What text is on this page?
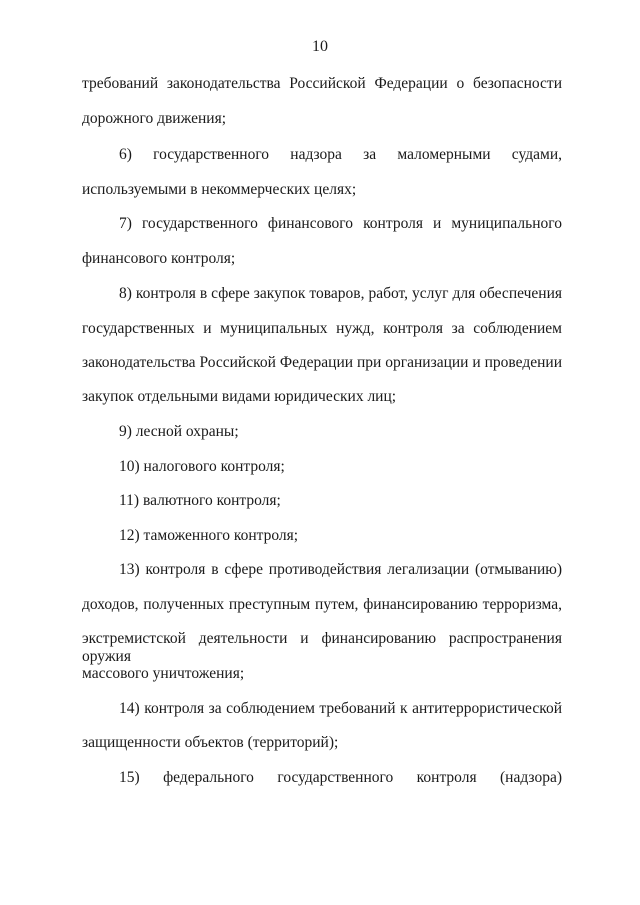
10
требований законодательства Российской Федерации о безопасности
дорожного движения;
6) государственного надзора за маломерными судами,
используемыми в некоммерческих целях;
7) государственного финансового контроля и муниципального
финансового контроля;
8) контроля в сфере закупок товаров, работ, услуг для обеспечения
государственных и муниципальных нужд, контроля за соблюдением
законодательства Российской Федерации при организации и проведении
закупок отдельными видами юридических лиц;
9) лесной охраны;
10) налогового контроля;
11) валютного контроля;
12) таможенного контроля;
13) контроля в сфере противодействия легализации (отмыванию)
доходов, полученных преступным путем, финансированию терроризма,
экстремистской деятельности и финансированию распространения оружия
массового уничтожения;
14) контроля за соблюдением требований к антитеррористической
защищенности объектов (территорий);
15) федерального государственного контроля (надзора)
